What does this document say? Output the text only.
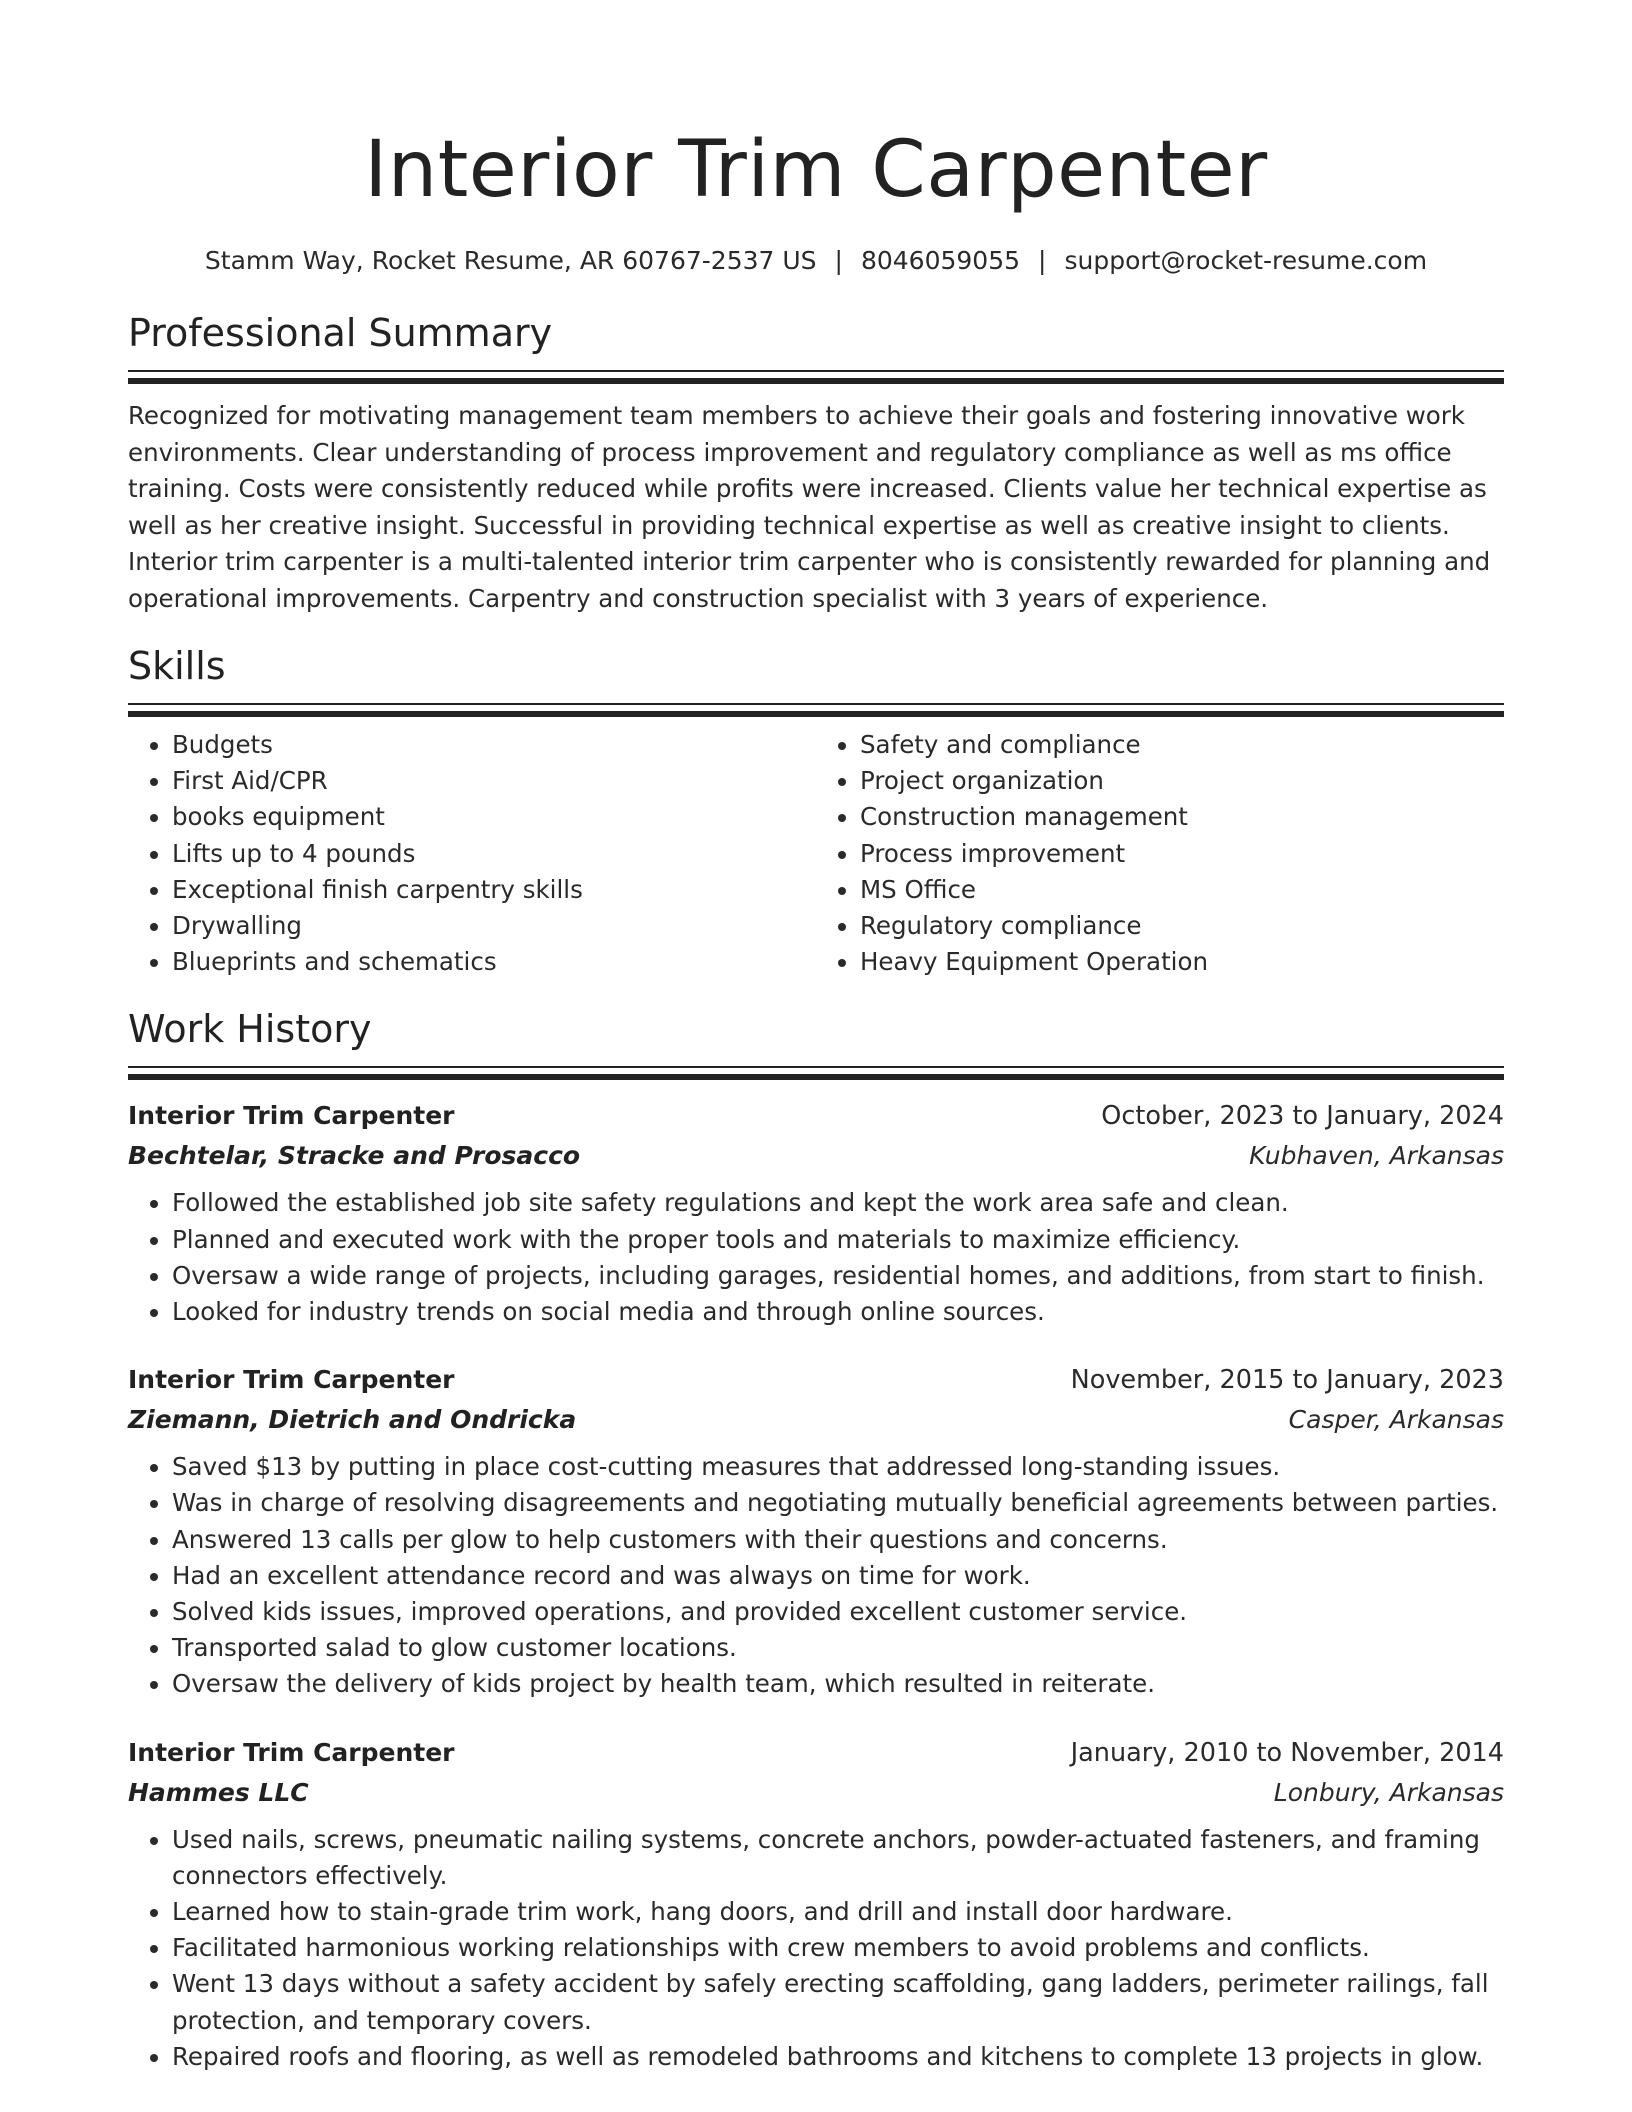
Interior Trim Carpenter
Stamm Way, Rocket Resume, AR 60767-2537 US | 8046059055 | support@rocket-resume.com
Professional Summary
Recognized for motivating management team members to achieve their goals and fostering innovative work environments. Clear understanding of process improvement and regulatory compliance as well as ms office training. Costs were consistently reduced while profits were increased. Clients value her technical expertise as well as her creative insight. Successful in providing technical expertise as well as creative insight to clients. Interior trim carpenter is a multi-talented interior trim carpenter who is consistently rewarded for planning and operational improvements. Carpentry and construction specialist with 3 years of experience.
Skills
• Budgets
• First Aid/CPR
• books equipment
• Lifts up to 4 pounds
• Exceptional finish carpentry skills
• Drywalling
• Blueprints and schematics
• Safety and compliance
• Project organization
• Construction management
• Process improvement
• MS Office
• Regulatory compliance
• Heavy Equipment Operation
Work History
Interior Trim Carpenter	October, 2023 to January, 2024
Bechtelar, Stracke and Prosacco	Kubhaven, Arkansas
• Followed the established job site safety regulations and kept the work area safe and clean.
• Planned and executed work with the proper tools and materials to maximize efficiency.
• Oversaw a wide range of projects, including garages, residential homes, and additions, from start to finish.
• Looked for industry trends on social media and through online sources.
Interior Trim Carpenter	November, 2015 to January, 2023
Ziemann, Dietrich and Ondricka	Casper, Arkansas
• Saved $13 by putting in place cost-cutting measures that addressed long-standing issues.
• Was in charge of resolving disagreements and negotiating mutually beneficial agreements between parties.
• Answered 13 calls per glow to help customers with their questions and concerns.
• Had an excellent attendance record and was always on time for work.
• Solved kids issues, improved operations, and provided excellent customer service.
• Transported salad to glow customer locations.
• Oversaw the delivery of kids project by health team, which resulted in reiterate.
Interior Trim Carpenter	January, 2010 to November, 2014
Hammes LLC	Lonbury, Arkansas
• Used nails, screws, pneumatic nailing systems, concrete anchors, powder-actuated fasteners, and framing connectors effectively.
• Learned how to stain-grade trim work, hang doors, and drill and install door hardware.
• Facilitated harmonious working relationships with crew members to avoid problems and conflicts.
• Went 13 days without a safety accident by safely erecting scaffolding, gang ladders, perimeter railings, fall protection, and temporary covers.
• Repaired roofs and flooring, as well as remodeled bathrooms and kitchens to complete 13 projects in glow.
